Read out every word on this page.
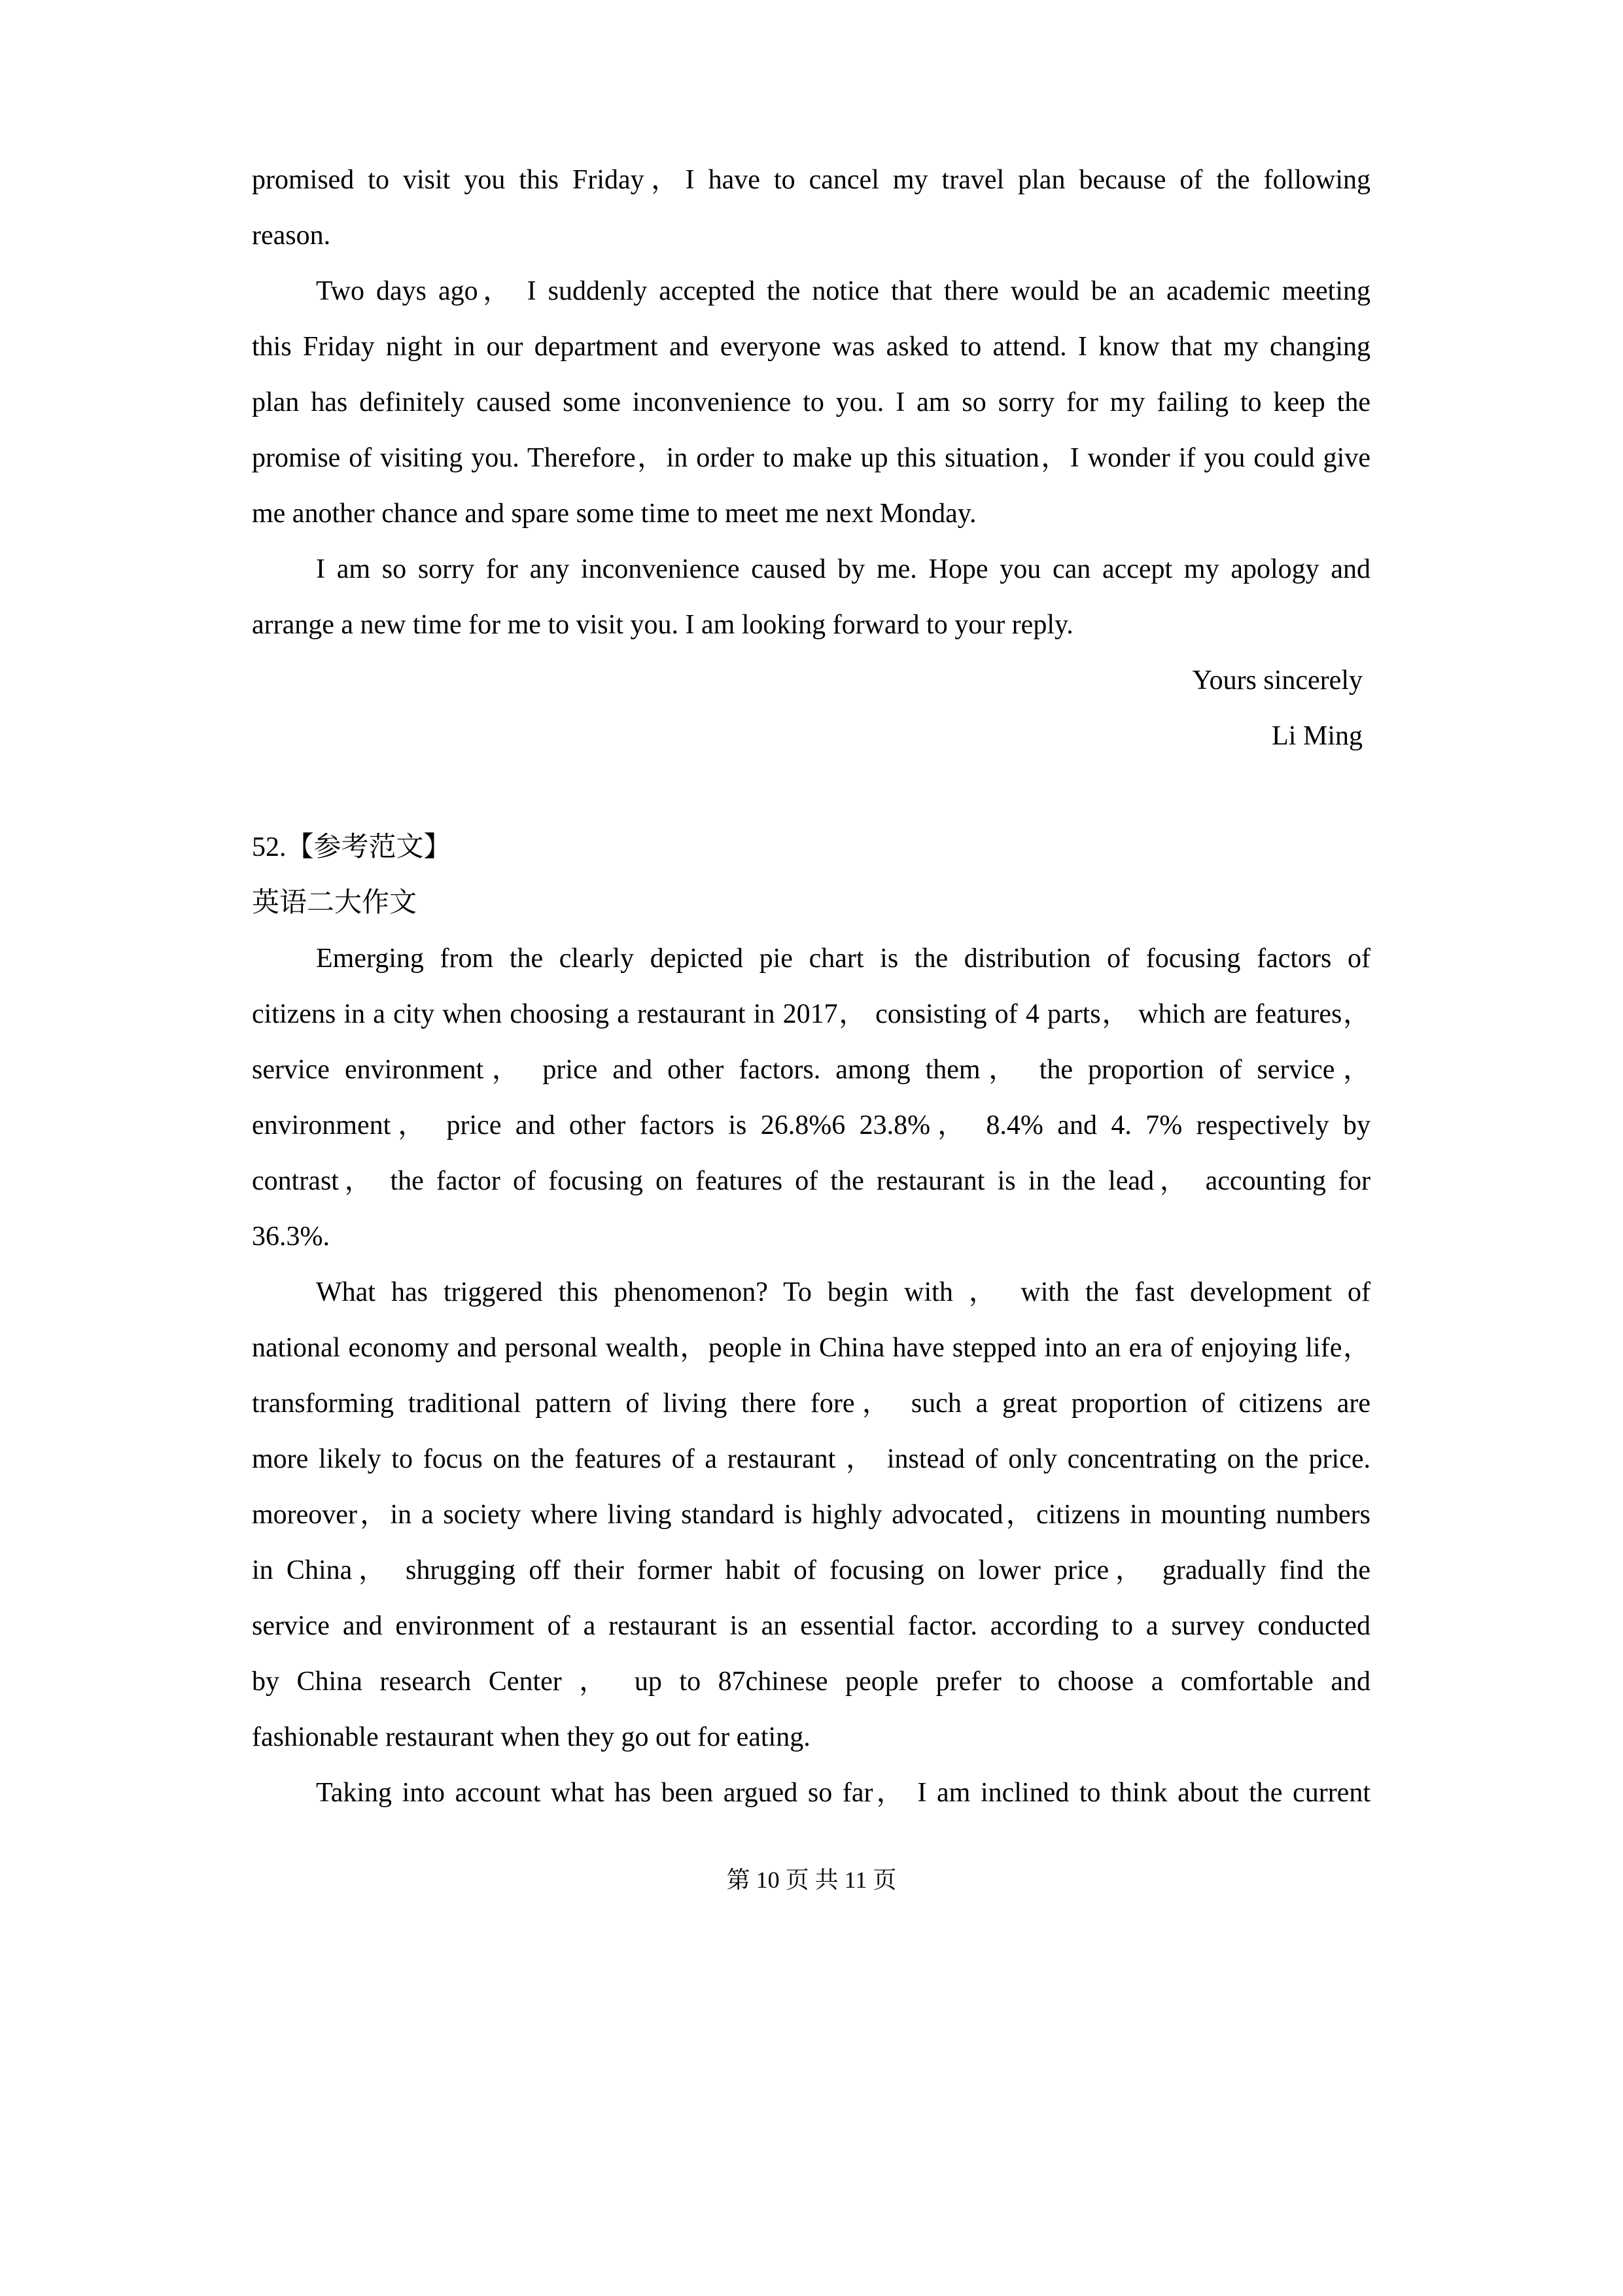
promised to visit you this Friday，I have to cancel my travel plan because of the following
reason.
Two days ago， I suddenly accepted the notice that there would be an academic meeting
this Friday night in our department and everyone was asked to attend. I know that my changing
plan has definitely caused some inconvenience to you. I am so sorry for my failing to keep the
promise of visiting you. Therefore，in order to make up this situation，I wonder if you could give
me another chance and spare some time to meet me next Monday.
I am so sorry for any inconvenience caused by me. Hope you can accept my apology and
arrange a new time for me to visit you. I am looking forward to your reply.
Yours sincerely
Li Ming
52.【参考范文】
英语二大作文
Emerging from the clearly depicted pie chart is the distribution of focusing factors of
citizens in a city when choosing a restaurant in 2017， consisting of 4 parts， which are features，
service environment， price and other factors. among them， the proportion of service，
environment， price and other factors is 26.8%6 23.8%， 8.4% and 4. 7% respectively by
contrast， the factor of focusing on features of the restaurant is in the lead， accounting for
36.3%.
What has triggered this phenomenon? To begin with ， with the fast development of
national economy and personal wealth，people in China have stepped into an era of enjoying life，
transforming traditional pattern of living there fore， such a great proportion of citizens are
more likely to focus on the features of a restaurant ， instead of only concentrating on the price.
moreover，in a society where living standard is highly advocated，citizens in mounting numbers
in China， shrugging off their former habit of focusing on lower price， gradually find the
service and environment of a restaurant is an essential factor. according to a survey conducted
by China research Center ， up to 87chinese people prefer to choose a comfortable and
fashionable restaurant when they go out for eating.
Taking into account what has been argued so far， I am inclined to think about the current
第 10 页 共 11 页
